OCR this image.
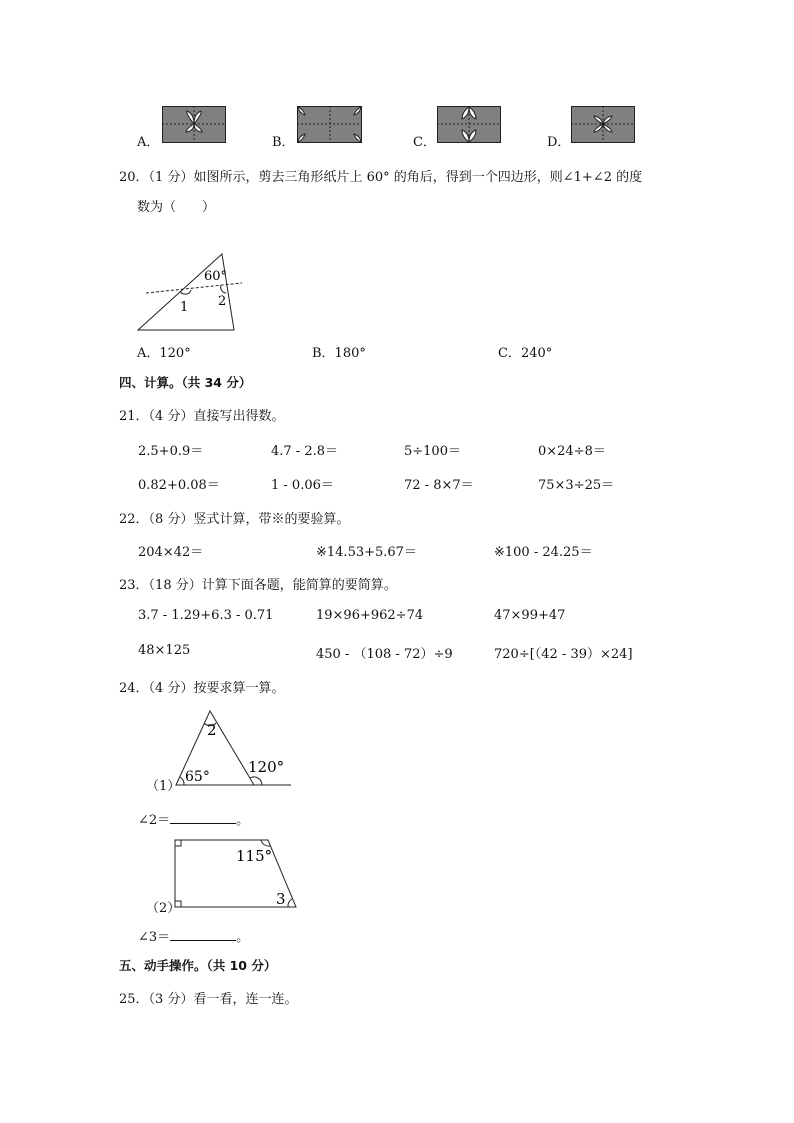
A．	B．	C．	D．
20．（1 分）如图所示，剪去三角形纸片上 60° 的角后，得到一个四边形，则∠1+∠2 的度
数为（　　）
60°
1 2
A．120°	B．180°	C．240°
四、计算。（共 34 分）
21．（4 分）直接写出得数。
2.5+0.9＝	4.7 - 2.8＝	5÷100＝	0×24÷8＝
0.82+0.08＝	1 - 0.06＝	72 - 8×7＝	75×3÷25＝
22．（8 分）竖式计算，带※的要验算。
204×42＝	※14.53+5.67＝	※100 - 24.25＝
23．（18 分）计算下面各题，能简算的要简算。
3.7 - 1.29+6.3 - 0.71	19×96+962÷74	47×99+47
48×125	450 - （108 - 72）÷9	720÷[（42 - 39）×24]
24．（4 分）按要求算一算。
2
65°
120°
（1）
∠2＝	。
115°
3
（2）
∠3＝	。
五、动手操作。（共 10 分）
25．（3 分）看一看，连一连。
